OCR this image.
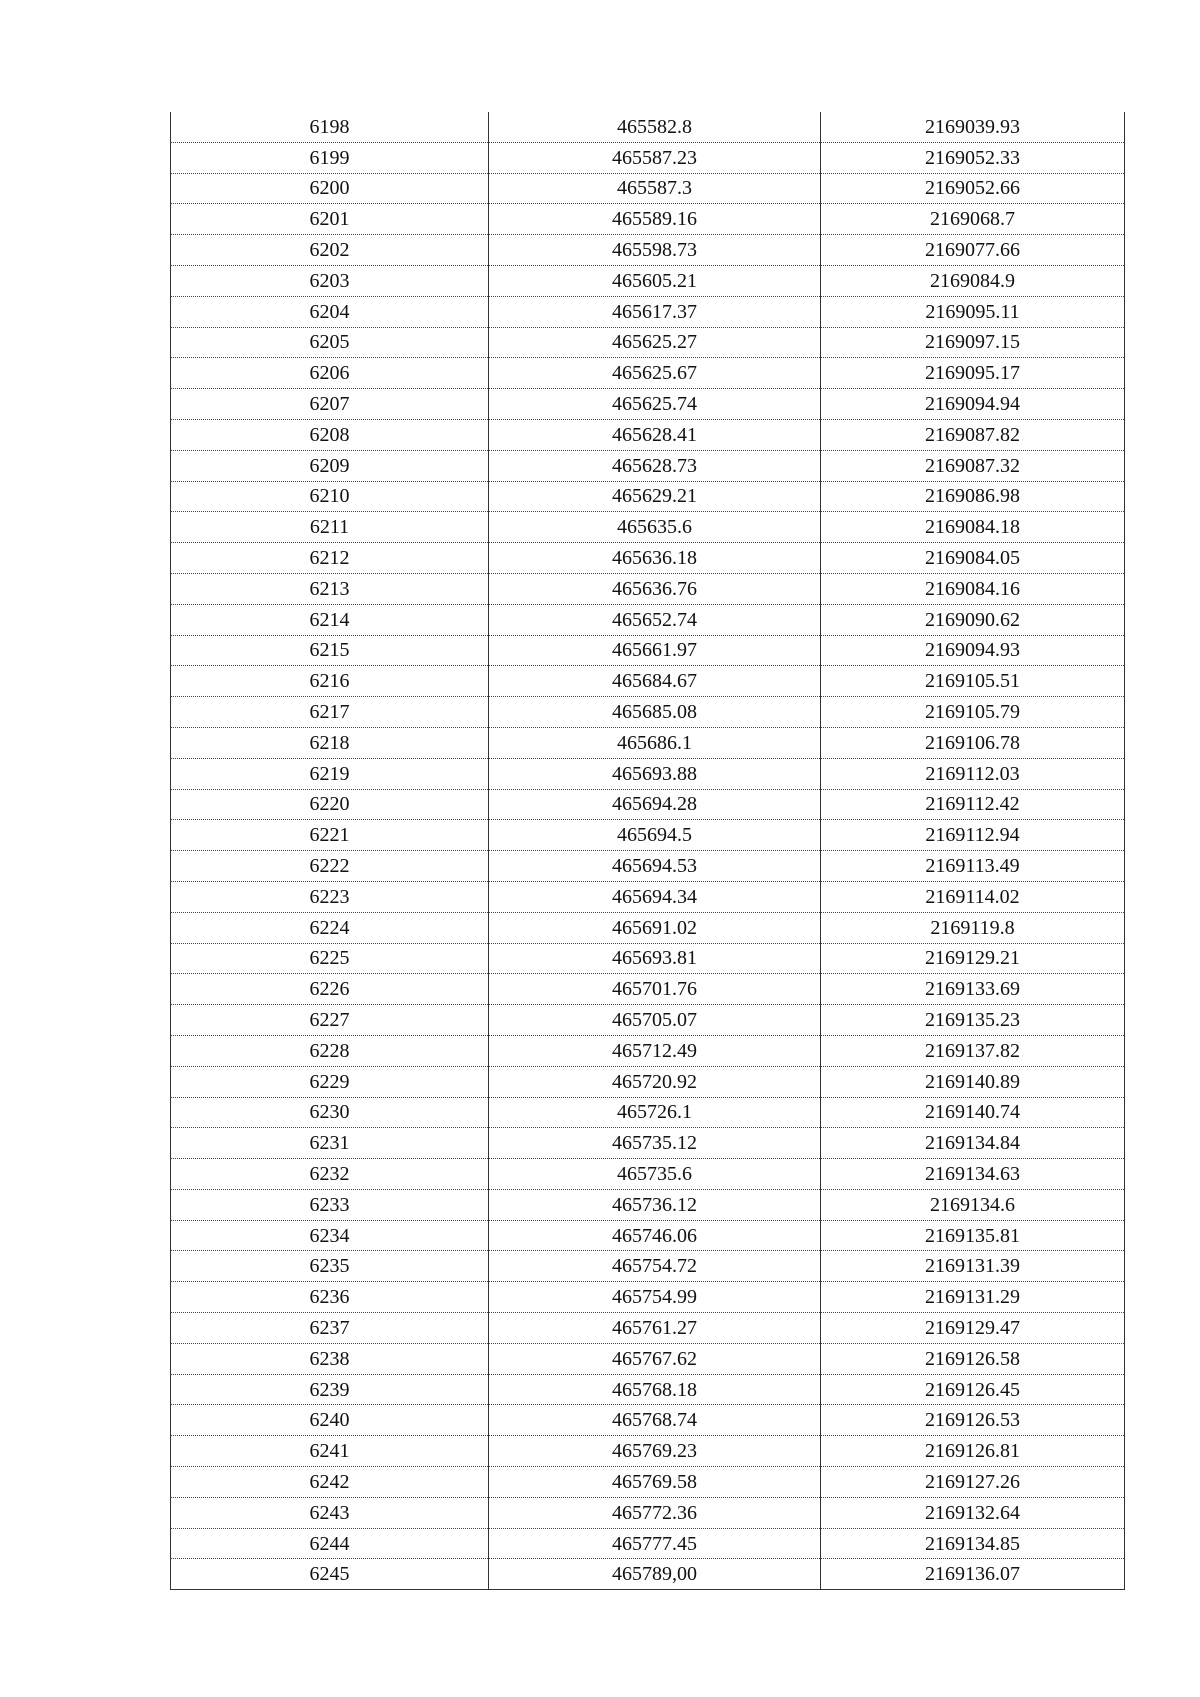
6198	465582.8	2169039.93
6199	465587.23	2169052.33
6200	465587.3	2169052.66
6201	465589.16	2169068.7
6202	465598.73	2169077.66
6203	465605.21	2169084.9
6204	465617.37	2169095.11
6205	465625.27	2169097.15
6206	465625.67	2169095.17
6207	465625.74	2169094.94
6208	465628.41	2169087.82
6209	465628.73	2169087.32
6210	465629.21	2169086.98
6211	465635.6	2169084.18
6212	465636.18	2169084.05
6213	465636.76	2169084.16
6214	465652.74	2169090.62
6215	465661.97	2169094.93
6216	465684.67	2169105.51
6217	465685.08	2169105.79
6218	465686.1	2169106.78
6219	465693.88	2169112.03
6220	465694.28	2169112.42
6221	465694.5	2169112.94
6222	465694.53	2169113.49
6223	465694.34	2169114.02
6224	465691.02	2169119.8
6225	465693.81	2169129.21
6226	465701.76	2169133.69
6227	465705.07	2169135.23
6228	465712.49	2169137.82
6229	465720.92	2169140.89
6230	465726.1	2169140.74
6231	465735.12	2169134.84
6232	465735.6	2169134.63
6233	465736.12	2169134.6
6234	465746.06	2169135.81
6235	465754.72	2169131.39
6236	465754.99	2169131.29
6237	465761.27	2169129.47
6238	465767.62	2169126.58
6239	465768.18	2169126.45
6240	465768.74	2169126.53
6241	465769.23	2169126.81
6242	465769.58	2169127.26
6243	465772.36	2169132.64
6244	465777.45	2169134.85
6245	465789,00	2169136.07
